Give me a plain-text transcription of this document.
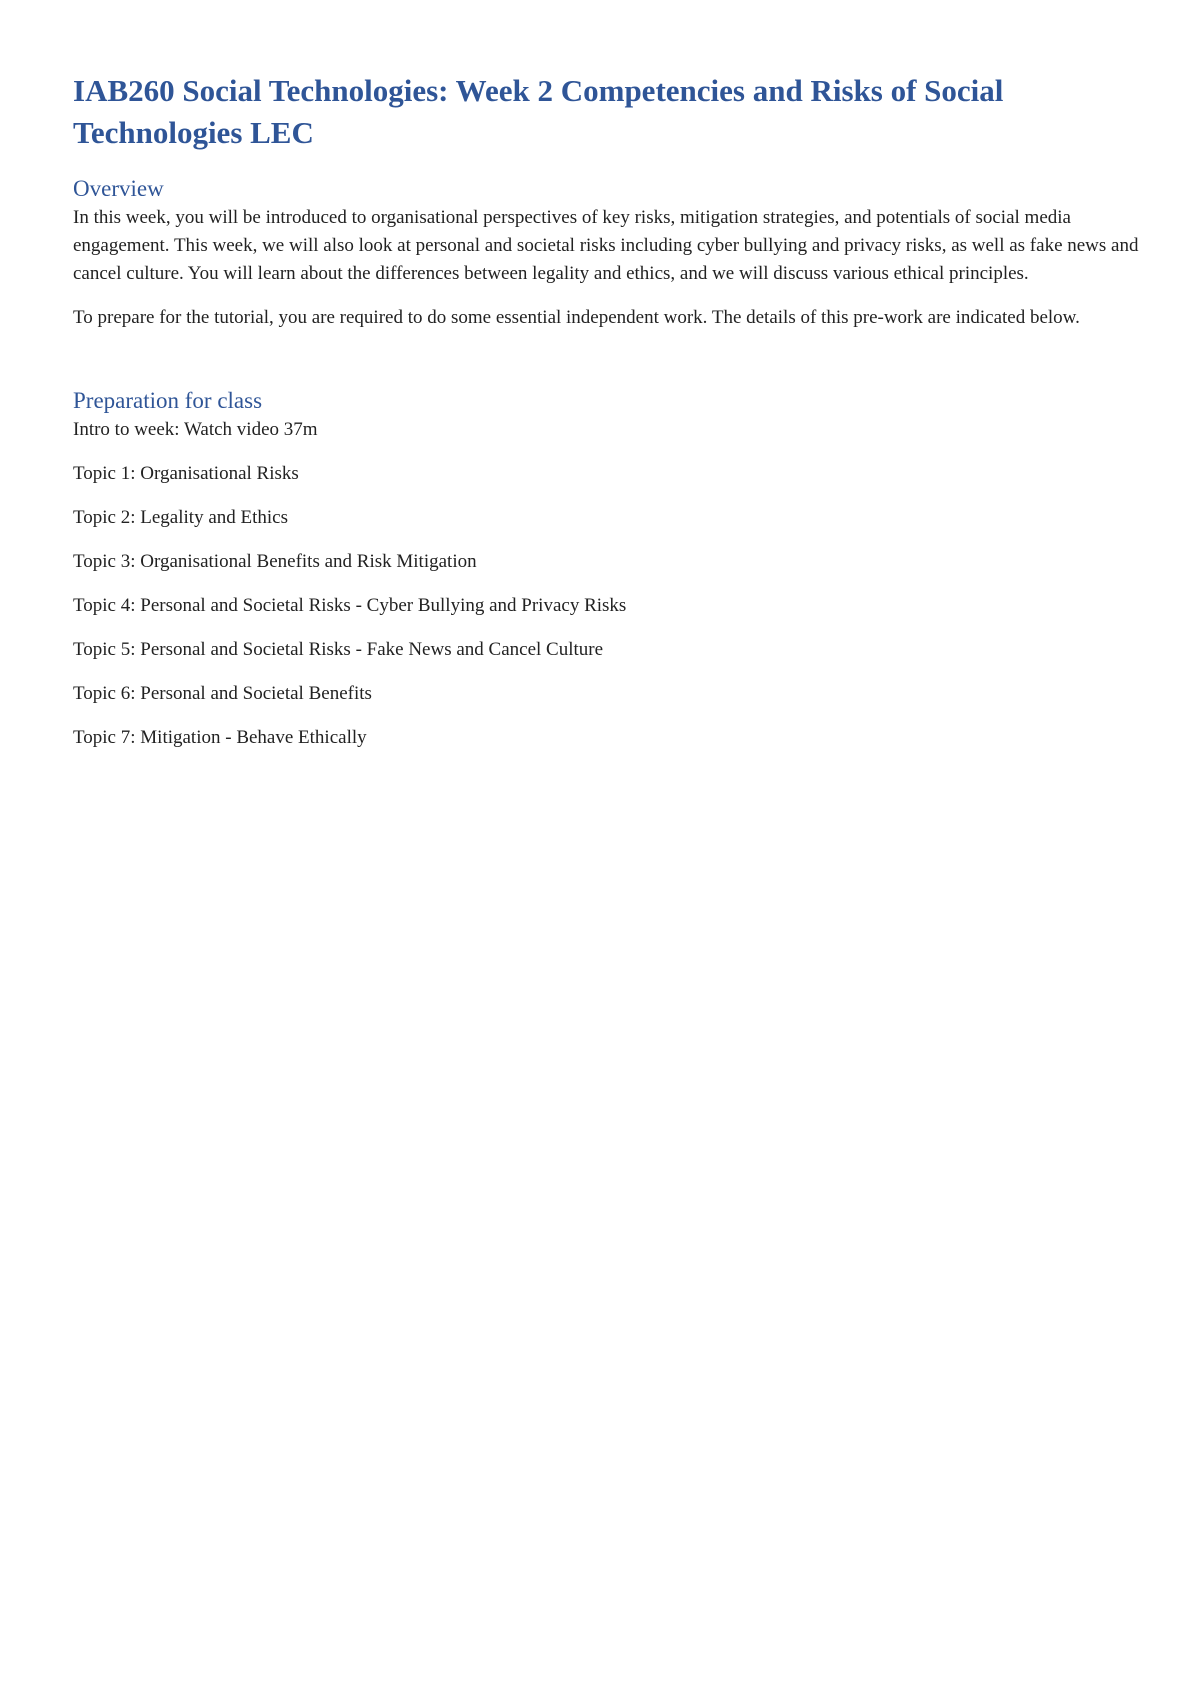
IAB260 Social Technologies: Week 2 Competencies and Risks of Social Technologies LEC
Overview

In this week, you will be introduced to organisational perspectives of key risks, mitigation strategies, and potentials of social media engagement. This week, we will also look at personal and societal risks including cyber bullying and privacy risks, as well as fake news and cancel culture. You will learn about the differences between legality and ethics, and we will discuss various ethical principles.

To prepare for the tutorial, you are required to do some essential independent work. The details of this pre-work are indicated below.

Preparation for class
Intro to week: Watch video 37m
Topic 1: Organisational Risks
Topic 2: Legality and Ethics
Topic 3: Organisational Benefits and Risk Mitigation
Topic 4: Personal and Societal Risks - Cyber Bullying and Privacy Risks
Topic 5: Personal and Societal Risks - Fake News and Cancel Culture
Topic 6: Personal and Societal Benefits
Topic 7: Mitigation - Behave Ethically
